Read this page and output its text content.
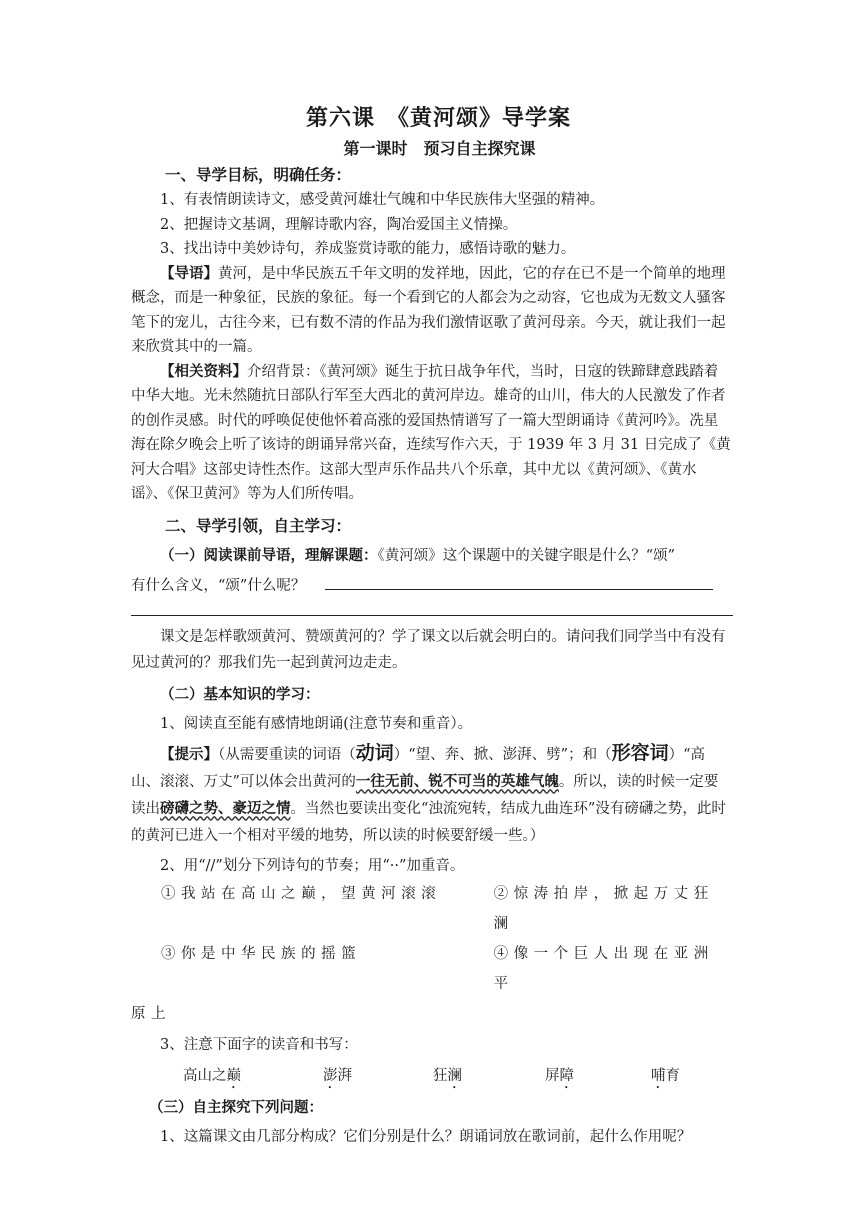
第六课　《黄河颂》导学案
第一课时　预习自主探究课
一、导学目标，明确任务：
1、有表情朗读诗文，感受黄河雄壮气魄和中华民族伟大坚强的精神。
2、把握诗文基调，理解诗歌内容，陶冶爱国主义情操。
3、找出诗中美妙诗句，养成鉴赏诗歌的能力，感悟诗歌的魅力。
【导语】黄河，是中华民族五千年文明的发祥地，因此，它的存在已不是一个简单的地理概念，而是一种象征，民族的象征。每一个看到它的人都会为之动容，它也成为无数文人骚客笔下的宠儿，古往今来，已有数不清的作品为我们激情讴歌了黄河母亲。今天，就让我们一起来欣赏其中的一篇。
【相关资料】介绍背景：《黄河颂》诞生于抗日战争年代，当时，日寇的铁蹄肆意践踏着中华大地。光未然随抗日部队行军至大西北的黄河岸边。雄奇的山川，伟大的人民激发了作者的创作灵感。时代的呼唤促使他怀着高涨的爱国热情谱写了一篇大型朗诵诗《黄河吟》。冼星海在除夕晚会上听了该诗的朗诵异常兴奋，连续写作六天，于 1939 年 3 月 31 日完成了《黄河大合唱》这部史诗性杰作。这部大型声乐作品共八个乐章，其中尤以《黄河颂》、《黄水谣》、《保卫黄河》等为人们所传唱。
二、导学引领，自主学习：
（一）阅读课前导语，理解课题：《黄河颂》这个课题中的关键字眼是什么？“颂”
有什么含义，“颂”什么呢？
课文是怎样歌颂黄河、赞颂黄河的？学了课文以后就会明白的。请问我们同学当中有没有见过黄河的？那我们先一起到黄河边走走。
（二）基本知识的学习：
1、阅读直至能有感情地朗诵(注意节奏和重音）。
【提示】（从需要重读的词语（动词）“望、奔、掀、澎湃、劈”；和（形容词）“高山、滚滚、万丈”可以体会出黄河的一往无前、锐不可当的英雄气魄。所以，读的时候一定要读出磅礴之势、豪迈之情。当然也要读出变化“浊流宛转，结成九曲连环”没有磅礴之势，此时的黄河已进入一个相对平缓的地势，所以读的时候要舒缓一些。）
2、用“//”划分下列诗句的节奏；用“··”加重音。
①我站在高山之巅，望黄河滚滚	②惊涛拍岸，掀起万丈狂澜
③你是中华民族的摇篮	④像一个巨人出现在亚洲平
原上
3、注意下面字的读音和书写：
高山之巅	澎湃	狂澜	屏障	哺育
（三）自主探究下列问题：
1、这篇课文由几部分构成？它们分别是什么？朗诵词放在歌词前，起什么作用呢？
